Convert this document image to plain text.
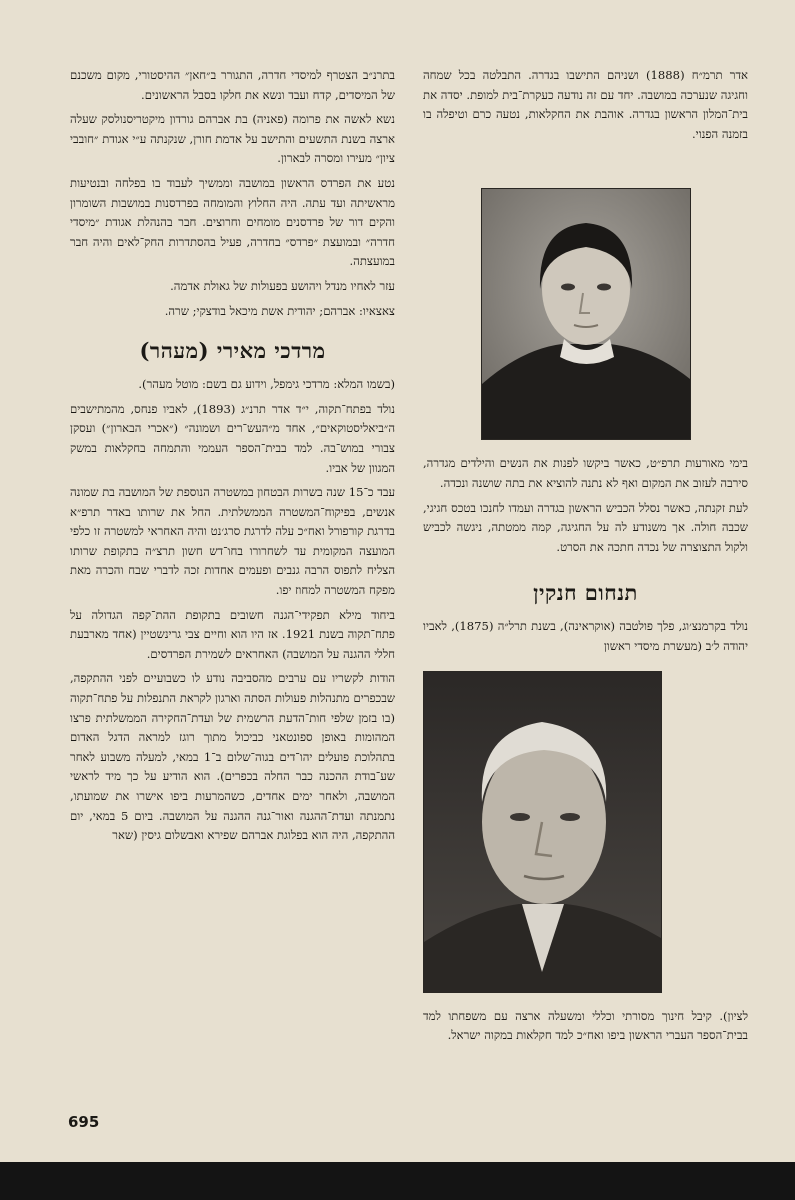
אדר תרמ״ח (1888) ושניהם התישבו בגדרה. התבלטה בכל שמחה וחגיגה שנערכה במושבה. יחד עם זה נודעה כעקרת־בית למופת. יסדה את בית־המלון הראשון בגדרה. אוהבת את החקלאות, נטעה כרם וטיפלה בו בזמנה הפנוי.

בימי מאורעות תרפ״ט, כאשר ביקשו לפנות את הנשים והילדים מגדרה, סירבה לעזוב את המקום ואף לא נתנה להוציא את בתה שושנה ונכדה.

לעת זקנתה, כאשר נסלל הכביש הראשון בגדרה ועמדו לחנכו בטכס חגיגי, שכבה חולה. אך משנודע לה על החגיגה, קמה ממטתה, ניגשה לכביש ולקול התצוצרה של נכדה חתכה את הסרט.

תנחום חנקין

נולד בקרמנצ׳וג, פלך פולטבה (אוקראינה), בשנת תרל״ה (1875), לאביו יהודה ל׳ב (מעשרת מיסדי ראשון

לציון). קיבל חינוך מסורתי וכללי ומשעלה ארצה עם משפחתו למד בבית־הספר העברי הראשון ביפו ואח״כ למד חקלאות במקוה ישראל.

בתרנ״ב הצטרף למיסדי חדרה, התגורר ב״חאן״ ההיסטורי, מקום משכנם של המיסדים, קדח ועבד ונשא את חלקו בסבל הראשונים.

נשא לאשה את פרומה (פאניה) בת אברהם גורדון מיקטריסנולסק שעלה ארצה בשנת התשעים והתישב על אדמת חורן, שנקנתה ע״י אגודת ״חובבי ציון״ מעירו ומסרה לבארון.

נטע את הפרדס הראשון במושבה וממשיך לעבוד בו בפלחה ובנטיעות מראשיתה ועד עתה. היה החלוץ והמומחה בפרדסנות במושבות השומרון והקים דור של פרדסנים מומחים וחרוצים. חבר בהנהלת אגודת ״מיסדי חדרה״ ובמועצת ״פרדס״ בחדרה, פעיל בהסתדרות החק־לאים והיה חבר במועצתה.

עזר לאחיו מנדל ויהושע בפעולות של גאולת אדמה.

צאצאיו: אברהם; יהודית אשת מיכאל בודצקי; שרה.

מרדכי מאירי (מעהר)

(בשמו המלא: מרדכי גימפל, וידוע גם בשם: מוטל מעהר).

נולד בפתח־תקוה, י״ד אדר תרנ״ג (1893), לאביו פנחס, מהמתישבים ה״ביאליסטוקאים״, אחד מ״העש־רים ושמונה״ (״אכרי הבארון״) ועסקן צבורי במוש־בה. למד בבית־הספר העממי והתמחה בחקלאות במשק המגוון של אביו.

עבד כ־15 שנה בשרות הבטחון במשטרה הנוספת של המושבה בת שמונה אנשים, בפיקוח־המשטרה הממשלתית. החל את שרותו באדר תרפ״א בדרגת קורפורל ואח״כ עלה לדרגת סרג׳נט והיה האחראי למשטרה זו כלפי המועצה המקומית עד לשחרורו בחו־דש חשון תרצ״ה בתקופת שרותו הצליח לתפוס הרבה גנבים ופעמים אחדות זכה לדברי שבח והכרה מאת מפקח המשטרה למחוז יפו.

ביחוד מילא תפקידי־הגנה חשובים בתקופת ההת־קפה הגדולה על פתח־תקוה בשנת 1921. אז היו הוא וחיים צבי גרינשטיין (אחד מארבעת חללי ההגנה על המושבה) האחראים לשמירת הפרדסים.

הודות לקשריו עם ערבים מהסביבה נודע לו כשבועיים לפני ההתקפה, שבכפרים מתנהלות פעולות הסתה וארגון לקראת התנפלות על פתח־תקוה (בו בזמן שלפי חות־הדעת הרשמית של ועדת־החקירה הממשלתית פרצו המהומות באופן ספונטאני כביכול מתוך רוגז למראה הדגל האדום בתהלוכת פועלים יהו־דים בגוה־שלום ב־1 במאי, למעלה משבוע לאחר שע־בודת ההכנה כבר החלה בכפרים). הוא הודיע על כך מיד לראשי המושבה, ולאחר ימים אחדים, כשהמרעות ביפו אישרו את שמועתו, נתמנתה ועדת־ההגנה ואור־גנה ההגנה על המושבה. ביום 5 במאי, יום ההתקפה, היה הוא בפלוגת אברהם שפירא ואבשלום גיסין (שאר

695
